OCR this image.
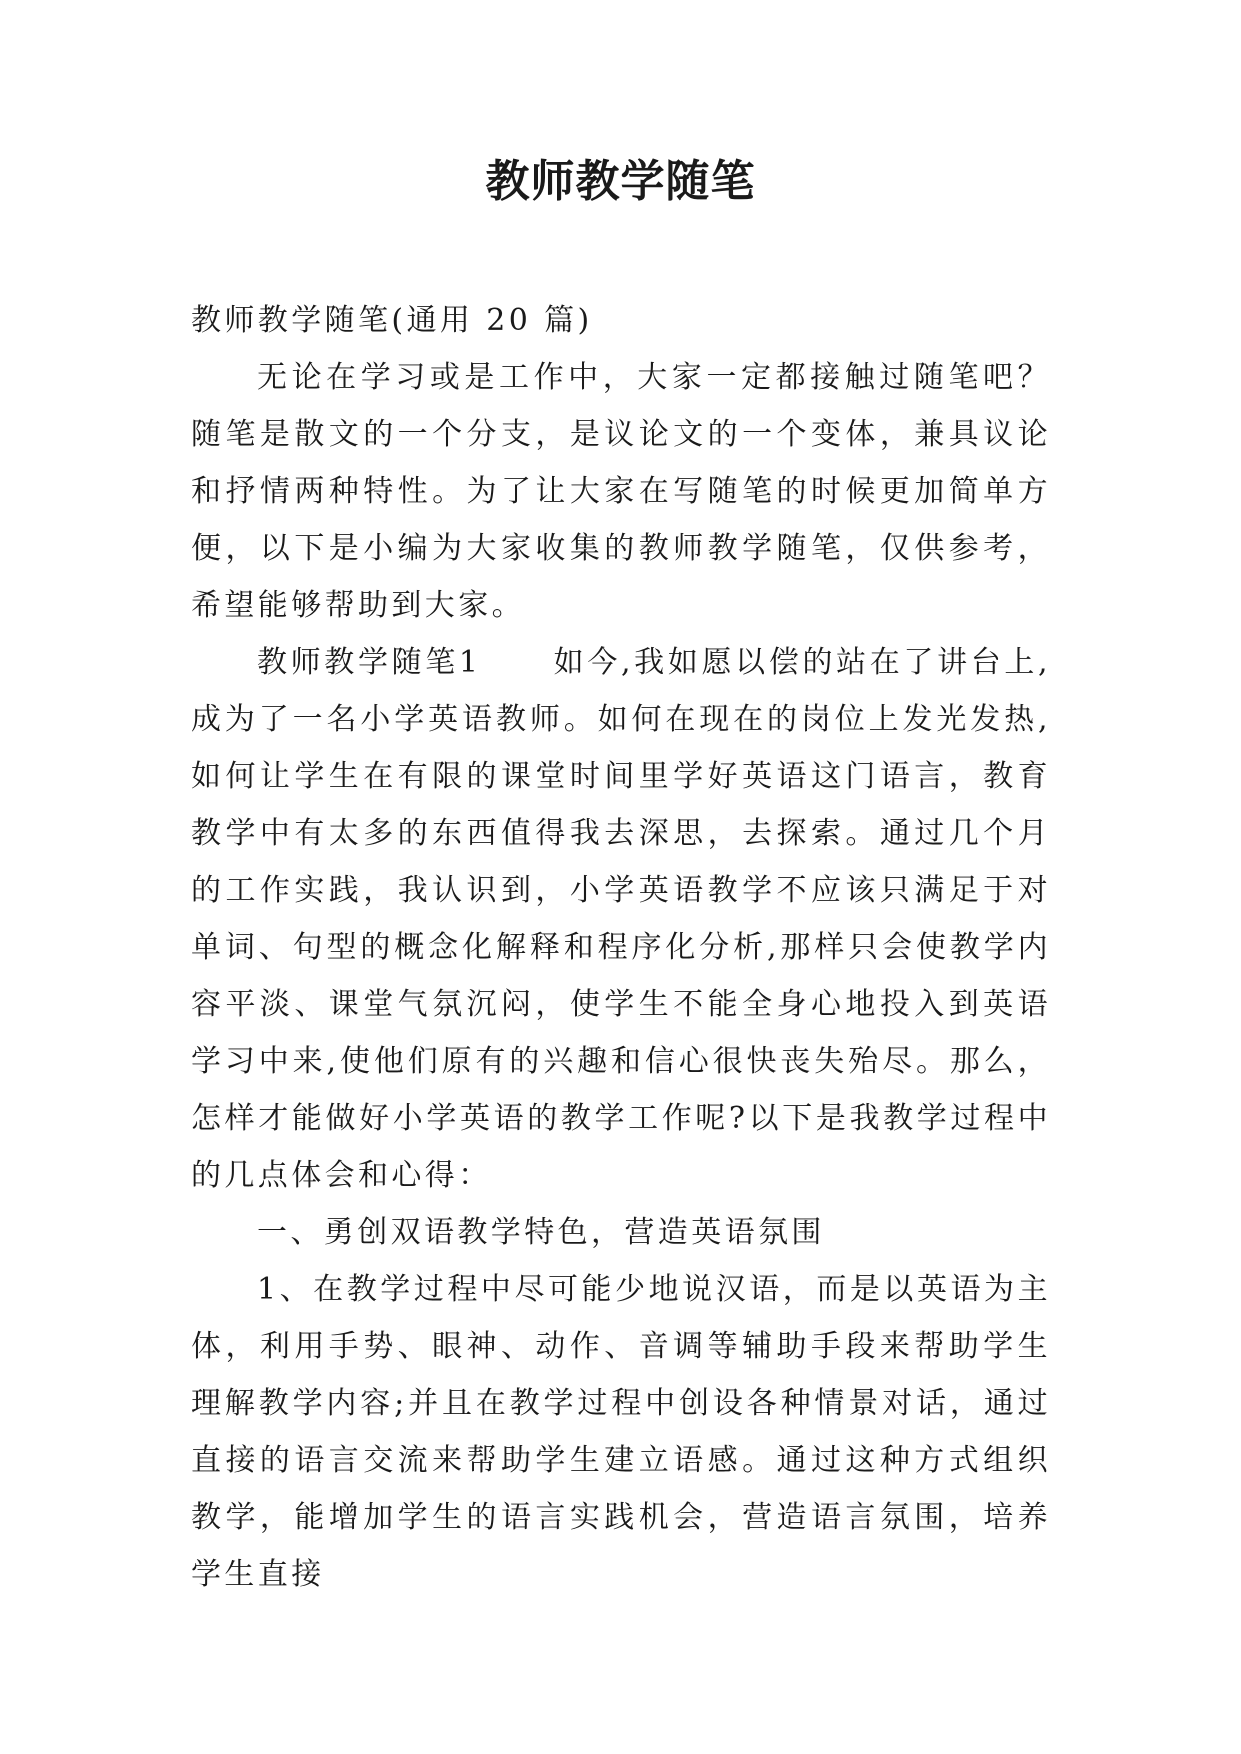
教师教学随笔

教师教学随笔(通用 20 篇)

无论在学习或是工作中，大家一定都接触过随笔吧？随笔是散文的一个分支，是议论文的一个变体，兼具议论和抒情两种特性。为了让大家在写随笔的时候更加简单方便，以下是小编为大家收集的教师教学随笔，仅供参考，希望能够帮助到大家。

教师教学随笔1 如今,我如愿以偿的站在了讲台上,成为了一名小学英语教师。如何在现在的岗位上发光发热,如何让学生在有限的课堂时间里学好英语这门语言，教育教学中有太多的东西值得我去深思，去探索。通过几个月的工作实践，我认识到，小学英语教学不应该只满足于对单词、句型的概念化解释和程序化分析,那样只会使教学内容平淡、课堂气氛沉闷，使学生不能全身心地投入到英语学习中来,使他们原有的兴趣和信心很快丧失殆尽。那么，怎样才能做好小学英语的教学工作呢?以下是我教学过程中的几点体会和心得：

一、勇创双语教学特色，营造英语氛围

1、在教学过程中尽可能少地说汉语，而是以英语为主体，利用手势、眼神、动作、音调等辅助手段来帮助学生理解教学内容;并且在教学过程中创设各种情景对话，通过直接的语言交流来帮助学生建立语感。通过这种方式组织教学，能增加学生的语言实践机会，营造语言氛围，培养学生直接
